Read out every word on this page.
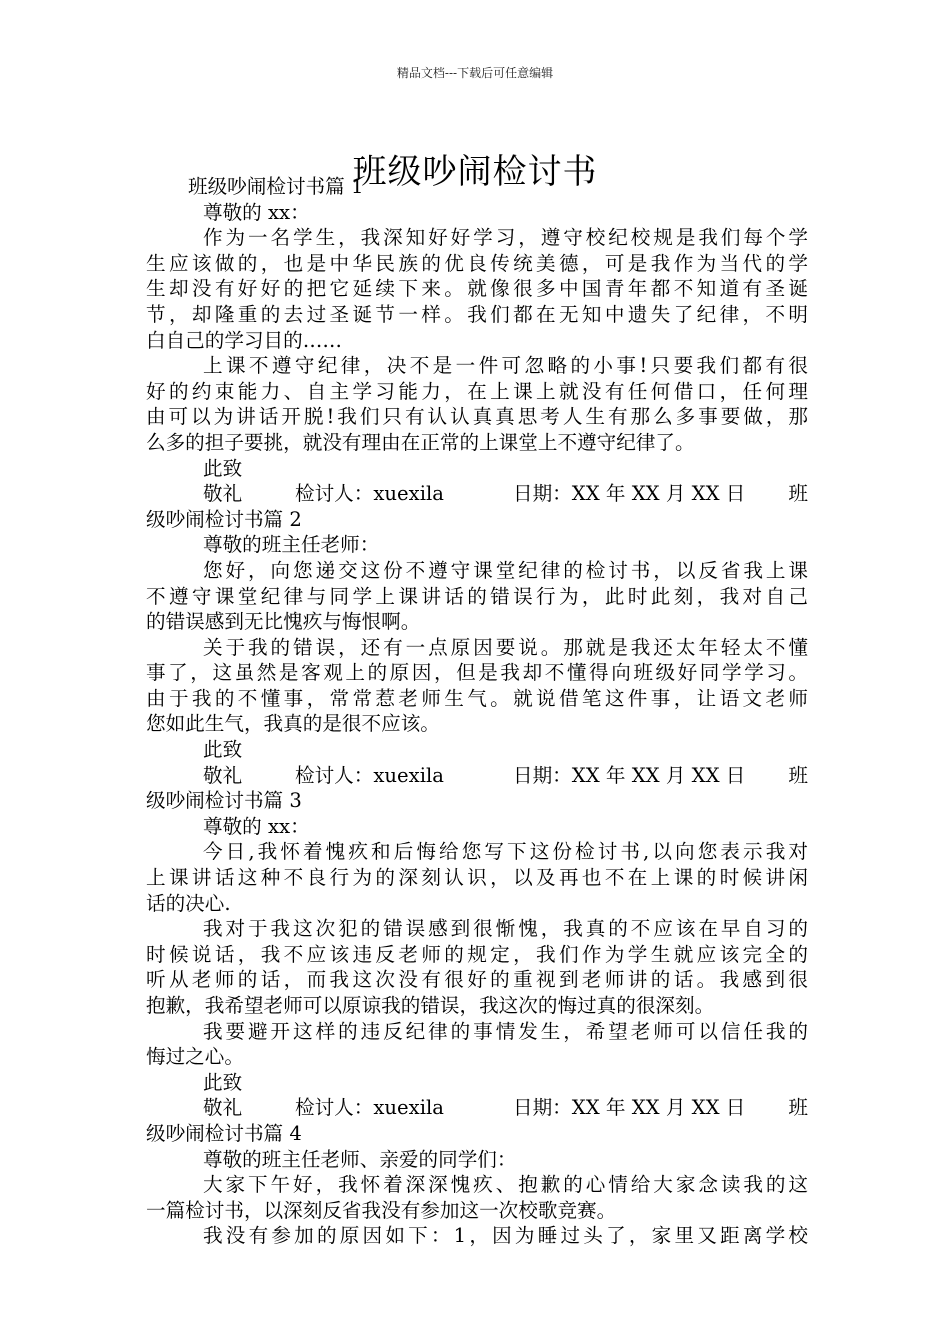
精品文档---下载后可任意编辑
班级吵闹检讨书
班级吵闹检讨书篇 1
尊敬的 xx：
作为一名学生，我深知好好学习，遵守校纪校规是我们每个学
生应该做的，也是中华民族的优良传统美德，可是我作为当代的学
生却没有好好的把它延续下来。就像很多中国青年都不知道有圣诞
节，却隆重的去过圣诞节一样。我们都在无知中遗失了纪律，不明
白自己的学习目的……
上课不遵守纪律，决不是一件可忽略的小事!只要我们都有很
好的约束能力、自主学习能力，在上课上就没有任何借口，任何理
由可以为讲话开脱!我们只有认认真真思考人生有那么多事要做，那
么多的担子要挑，就没有理由在正常的上课堂上不遵守纪律了。
此致
敬礼	检讨人：xuexila	日期：XX 年 XX 月 XX 日	班
级吵闹检讨书篇 2
尊敬的班主任老师：
您好，向您递交这份不遵守课堂纪律的检讨书，以反省我上课
不遵守课堂纪律与同学上课讲话的错误行为，此时此刻，我对自己
的错误感到无比愧疚与悔恨啊。
关于我的错误，还有一点原因要说。那就是我还太年轻太不懂
事了，这虽然是客观上的原因，但是我却不懂得向班级好同学学习。
由于我的不懂事，常常惹老师生气。就说借笔这件事，让语文老师
您如此生气，我真的是很不应该。
此致
敬礼	检讨人：xuexila	日期：XX 年 XX 月 XX 日	班
级吵闹检讨书篇 3
尊敬的 xx：
今日,我怀着愧疚和后悔给您写下这份检讨书,以向您表示我对
上课讲话这种不良行为的深刻认识，以及再也不在上课的时候讲闲
话的决心.
我对于我这次犯的错误感到很惭愧，我真的不应该在早自习的
时候说话，我不应该违反老师的规定，我们作为学生就应该完全的
听从老师的话，而我这次没有很好的重视到老师讲的话。我感到很
抱歉，我希望老师可以原谅我的错误，我这次的悔过真的很深刻。
我要避开这样的违反纪律的事情发生，希望老师可以信任我的
悔过之心。
此致
敬礼	检讨人：xuexila	日期：XX 年 XX 月 XX 日	班
级吵闹检讨书篇 4
尊敬的班主任老师、亲爱的同学们：
大家下午好，我怀着深深愧疚、抱歉的心情给大家念读我的这
一篇检讨书，以深刻反省我没有参加这一次校歌竞赛。
我没有参加的原因如下：1，因为睡过头了，家里又距离学校
